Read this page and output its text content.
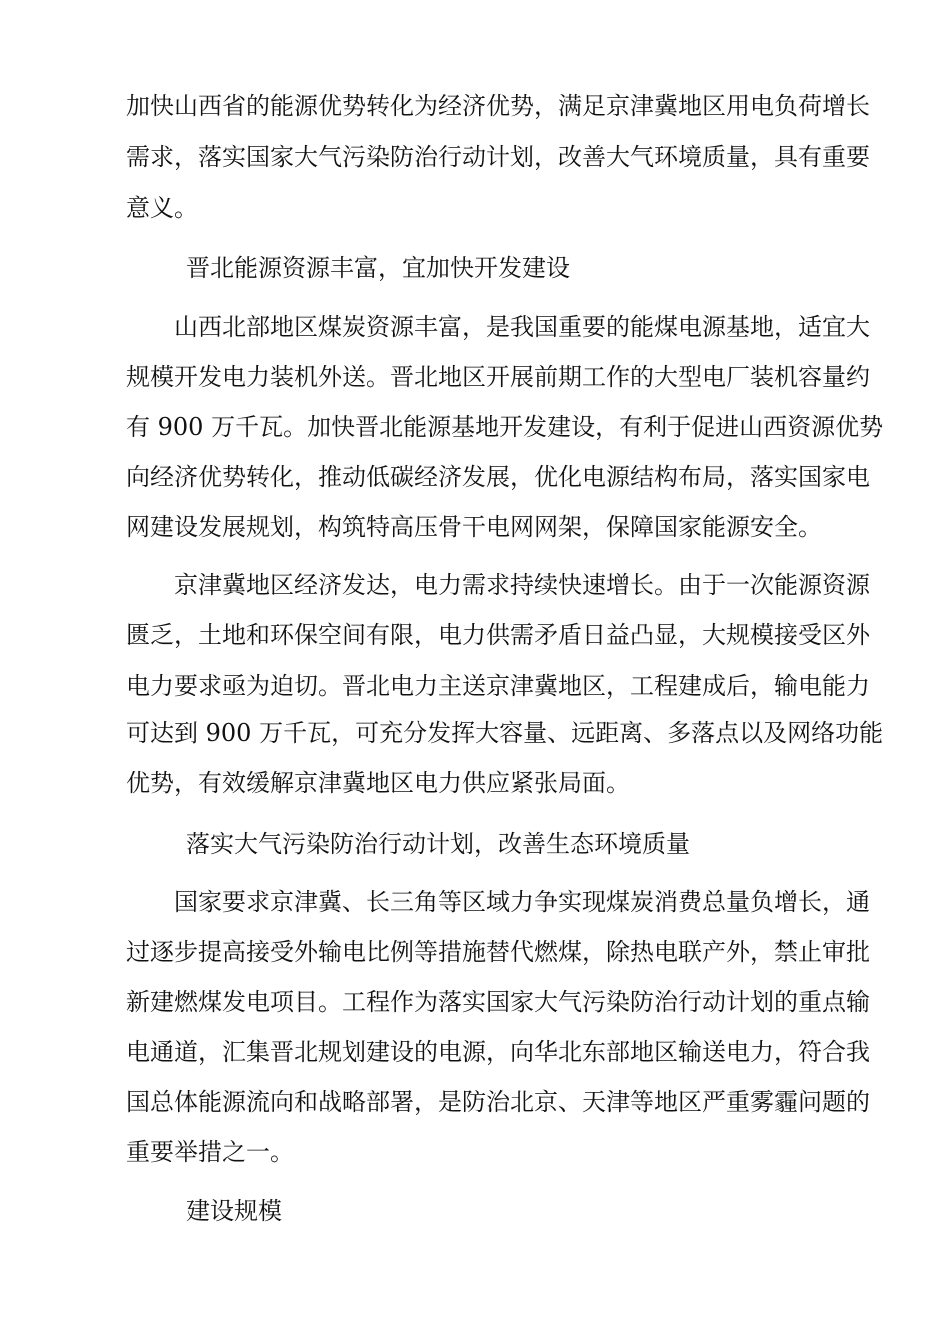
加快山西省的能源优势转化为经济优势，满足京津冀地区用电负荷增长
需求，落实国家大气污染防治行动计划，改善大气环境质量，具有重要
意义。
晋北能源资源丰富，宜加快开发建设
山西北部地区煤炭资源丰富，是我国重要的能煤电源基地，适宜大
规模开发电力装机外送。晋北地区开展前期工作的大型电厂装机容量约
有 900 万千瓦。加快晋北能源基地开发建设，有利于促进山西资源优势
向经济优势转化，推动低碳经济发展，优化电源结构布局，落实国家电
网建设发展规划，构筑特高压骨干电网网架，保障国家能源安全。
京津冀地区经济发达，电力需求持续快速增长。由于一次能源资源
匮乏，土地和环保空间有限，电力供需矛盾日益凸显，大规模接受区外
电力要求亟为迫切。晋北电力主送京津冀地区，工程建成后，输电能力
可达到 900 万千瓦，可充分发挥大容量、远距离、多落点以及网络功能
优势，有效缓解京津冀地区电力供应紧张局面。
落实大气污染防治行动计划，改善生态环境质量
国家要求京津冀、长三角等区域力争实现煤炭消费总量负增长，通
过逐步提高接受外输电比例等措施替代燃煤，除热电联产外，禁止审批
新建燃煤发电项目。工程作为落实国家大气污染防治行动计划的重点输
电通道，汇集晋北规划建设的电源，向华北东部地区输送电力，符合我
国总体能源流向和战略部署，是防治北京、天津等地区严重雾霾问题的
重要举措之一。
建设规模
